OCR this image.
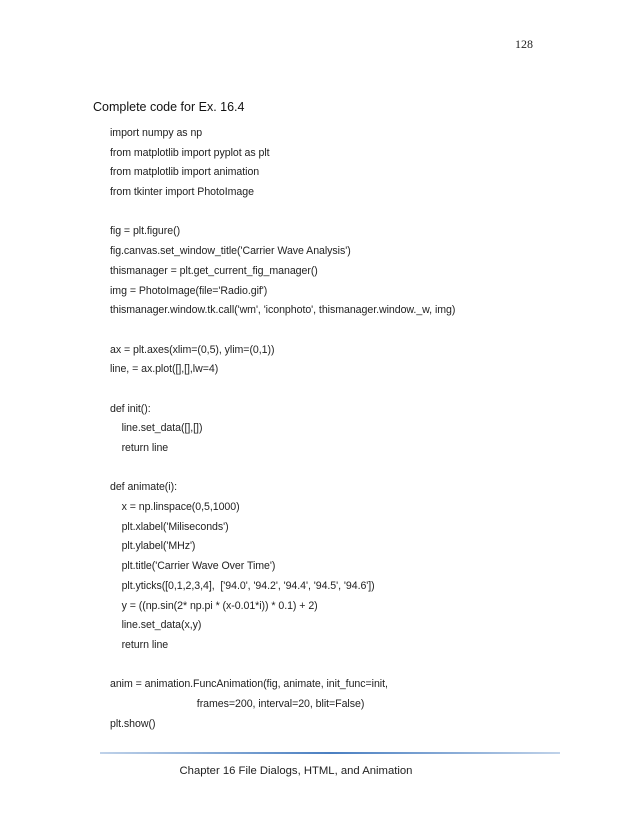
128
Complete code for Ex. 16.4
import numpy as np
from matplotlib import pyplot as plt
from matplotlib import animation
from tkinter import PhotoImage

fig = plt.figure()
fig.canvas.set_window_title('Carrier Wave Analysis')
thismanager = plt.get_current_fig_manager()
img = PhotoImage(file='Radio.gif')
thismanager.window.tk.call('wm', 'iconphoto', thismanager.window._w, img)

ax = plt.axes(xlim=(0,5), ylim=(0,1))
line, = ax.plot([],[],lw=4)

def init():
line.set_data([],[])
return line

def animate(i):
x = np.linspace(0,5,1000)
plt.xlabel('Miliseconds')
plt.ylabel('MHz')
plt.title('Carrier Wave Over Time')
plt.yticks([0,1,2,3,4],  ['94.0', '94.2', '94.4', '94.5', '94.6'])
y = ((np.sin(2* np.pi * (x-0.01*i)) * 0.1) + 2)
line.set_data(x,y)
return line

anim = animation.FuncAnimation(fig, animate, init_func=init,
frames=200, interval=20, blit=False)
plt.show()
Chapter 16 File Dialogs, HTML, and Animation
